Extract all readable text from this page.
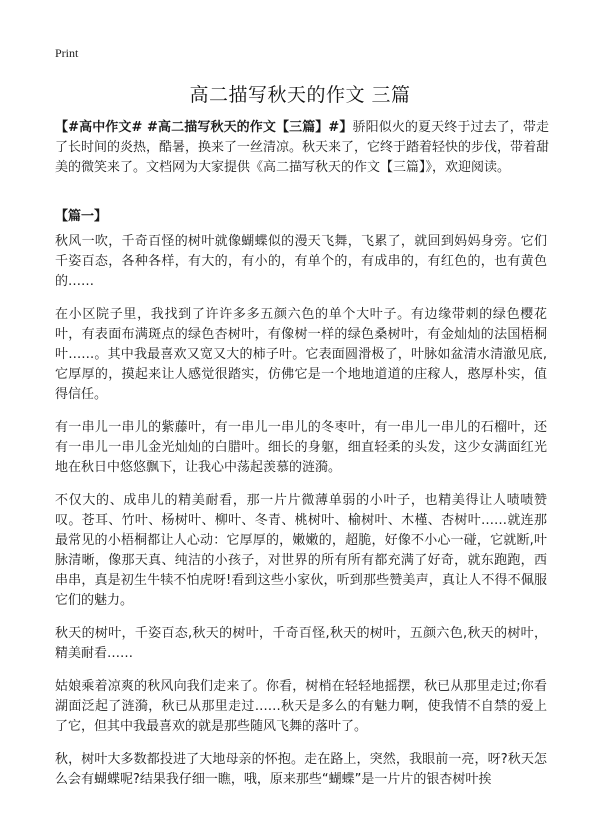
Print
高二描写秋天的作文 三篇
【#高中作文# #高二描写秋天的作文【三篇】#】骄阳似火的夏天终于过去了，带走了长时间的炎热，酷暑，换来了一丝清凉。秋天来了，它终于踏着轻快的步伐，带着甜美的微笑来了。文档网为大家提供《高二描写秋天的作文【三篇】》，欢迎阅读。
【篇一】

秋风一吹，千奇百怪的树叶就像蝴蝶似的漫天飞舞，飞累了，就回到妈妈身旁。它们千姿百态，各种各样，有大的，有小的，有单个的，有成串的，有红色的，也有黄色的……

在小区院子里，我找到了许许多多五颜六色的单个大叶子。有边缘带刺的绿色樱花叶，有表面布满斑点的绿色杏树叶，有像树一样的绿色桑树叶，有金灿灿的法国梧桐叶……。其中我最喜欢又宽又大的柿子叶。它表面圆滑极了，叶脉如盆清水清澈见底,它厚厚的，摸起来让人感觉很踏实，仿佛它是一个地地道道的庄稼人，憨厚朴实，值得信任。

有一串儿一串儿的紫藤叶，有一串儿一串儿的冬枣叶，有一串儿一串儿的石榴叶，还有一串儿一串儿金光灿灿的白腊叶。细长的身躯，细直轻柔的头发，这少女满面红光地在秋日中悠悠飘下，让我心中荡起羡慕的涟漪。

不仅大的、成串儿的精美耐看，那一片片微薄单弱的小叶子，也精美得让人啧啧赞叹。苍耳、竹叶、杨树叶、柳叶、冬青、桃树叶、榆树叶、木槿、杏树叶……就连那最常见的小梧桐都让人心动：它厚厚的，嫩嫩的，超脆，好像不小心一碰，它就断,叶脉清晰，像那天真、纯洁的小孩子，对世界的所有所有都充满了好奇，就东跑跑，西串串，真是初生牛犊不怕虎呀!看到这些小家伙，听到那些赞美声，真让人不得不佩服它们的魅力。

秋天的树叶，千姿百态,秋天的树叶，千奇百怪,秋天的树叶，五颜六色,秋天的树叶，精美耐看……

姑娘乘着凉爽的秋风向我们走来了。你看，树梢在轻轻地摇摆，秋已从那里走过;你看湖面泛起了涟漪，秋已从那里走过……秋天是多么的有魅力啊，使我情不自禁的爱上了它，但其中我最喜欢的就是那些随风飞舞的落叶了。

秋，树叶大多数都投进了大地母亲的怀抱。走在路上，突然，我眼前一亮，呀?秋天怎么会有蝴蝶呢?结果我仔细一瞧，哦，原来那些“蝴蝶”是一片片的银杏树叶挨
